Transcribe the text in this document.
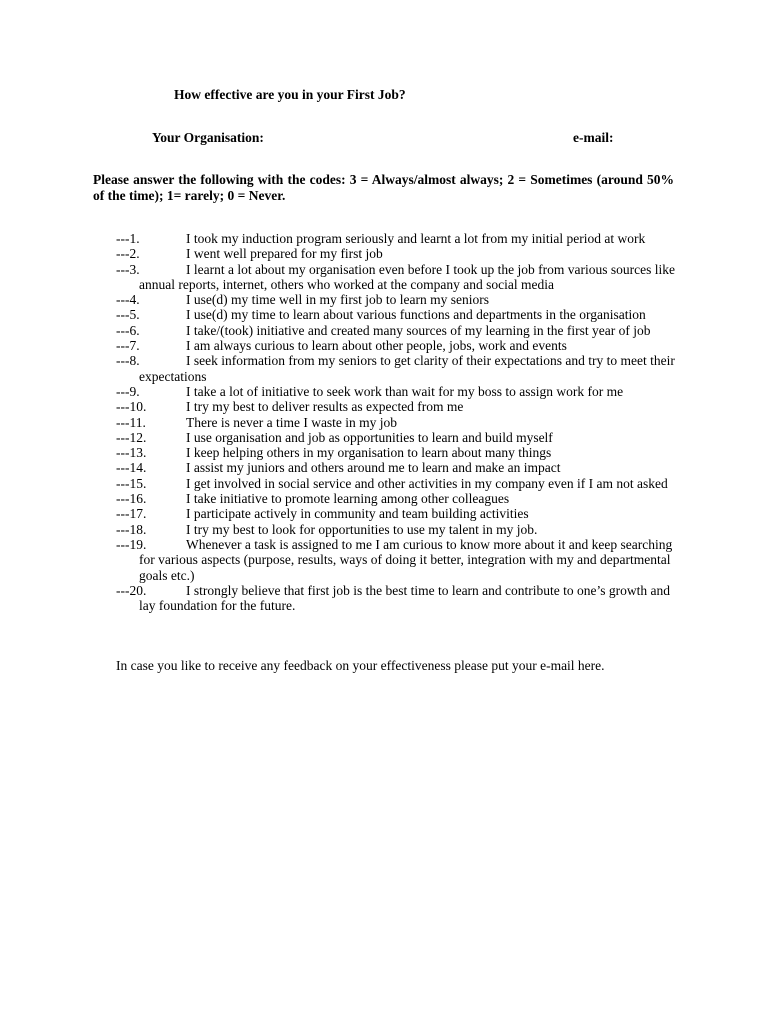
How effective are you in your First Job?
Your Organisation:	e-mail:
Please answer the following with the codes: 3 = Always/almost always; 2 = Sometimes (around 50% of the time); 1= rarely; 0 = Never.
---1.	I took my induction program seriously and learnt a lot from my initial period at work
---2.	I went well prepared for my first job
---3.	I learnt a lot about my organisation even before I took up the job from various sources like annual reports, internet, others who worked at the company and social media
---4.	I use(d) my time well in my first job to learn my seniors
---5.	I use(d) my time to learn about various functions and departments in the organisation
---6.	I take/(took) initiative and created many sources of my learning in the first year of job
---7.	I am always curious to learn about other people, jobs, work and events
---8.	I seek information from my seniors to get clarity of their expectations and try to meet their expectations
---9.	I take a lot of initiative to seek work than wait for my boss to assign work for me
---10.	I try my best to deliver results as expected from me
---11.	There is never a time I waste in my job
---12.	I use organisation and job as opportunities to learn and build myself
---13.	I keep helping others in my organisation to learn about many things
---14.	I assist my juniors and others around me to learn and make an impact
---15.	I get involved in social service and other activities in my company even if I am not asked
---16.	I take initiative to promote learning among other colleagues
---17.	I participate actively in community and team building activities
---18.	I try my best to look for opportunities to use my talent in my job.
---19.	Whenever a task is assigned to me I am curious to know more about it and keep searching for various aspects (purpose, results, ways of doing it better, integration with my and departmental goals etc.)
---20.	I strongly believe that first job is the best time to learn and contribute to one’s growth and lay foundation for the future.
In case you like to receive any feedback on your effectiveness please put your e-mail here.
